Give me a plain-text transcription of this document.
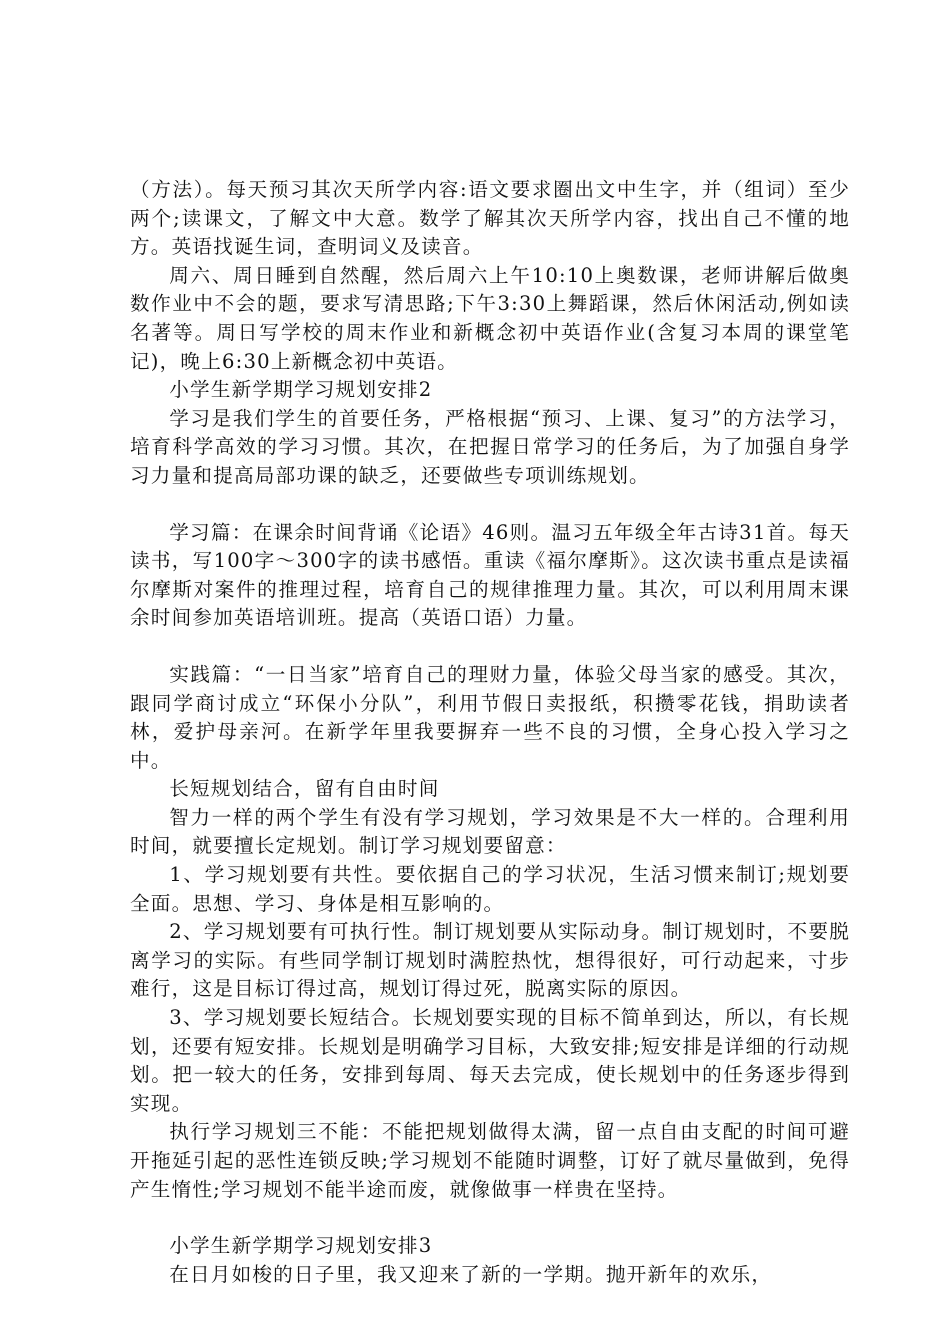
（方法）。每天预习其次天所学内容:语文要求圈出文中生字，并（组词）至少两个;读课文，了解文中大意。数学了解其次天所学内容，找出自己不懂的地方。英语找诞生词，查明词义及读音。

周六、周日睡到自然醒，然后周六上午10:10上奥数课，老师讲解后做奥数作业中不会的题，要求写清思路;下午3:30上舞蹈课，然后休闲活动,例如读名著等。周日写学校的周末作业和新概念初中英语作业(含复习本周的课堂笔记)，晚上6:30上新概念初中英语。

小学生新学期学习规划安排2

学习是我们学生的首要任务，严格根据“预习、上课、复习”的方法学习，培育科学高效的学习习惯。其次，在把握日常学习的任务后，为了加强自身学习力量和提高局部功课的缺乏，还要做些专项训练规划。

学习篇：在课余时间背诵《论语》46则。温习五年级全年古诗31首。每天读书，写100字～300字的读书感悟。重读《福尔摩斯》。这次读书重点是读福尔摩斯对案件的推理过程，培育自己的规律推理力量。其次，可以利用周末课余时间参加英语培训班。提高（英语口语）力量。

实践篇：“一日当家”培育自己的理财力量，体验父母当家的感受。其次，跟同学商讨成立“环保小分队”，利用节假日卖报纸，积攒零花钱，捐助读者林，爱护母亲河。在新学年里我要摒弃一些不良的习惯，全身心投入学习之中。

长短规划结合，留有自由时间

智力一样的两个学生有没有学习规划，学习效果是不大一样的。合理利用时间，就要擅长定规划。制订学习规划要留意：

1、学习规划要有共性。要依据自己的学习状况，生活习惯来制订;规划要全面。思想、学习、身体是相互影响的。

2、学习规划要有可执行性。制订规划要从实际动身。制订规划时，不要脱离学习的实际。有些同学制订规划时满腔热忱，想得很好，可行动起来，寸步难行，这是目标订得过高，规划订得过死，脱离实际的原因。

3、学习规划要长短结合。长规划要实现的目标不简单到达，所以，有长规划，还要有短安排。长规划是明确学习目标，大致安排;短安排是详细的行动规划。把一较大的任务，安排到每周、每天去完成，使长规划中的任务逐步得到实现。

执行学习规划三不能：不能把规划做得太满，留一点自由支配的时间可避开拖延引起的恶性连锁反映;学习规划不能随时调整，订好了就尽量做到，免得产生惰性;学习规划不能半途而废，就像做事一样贵在坚持。

小学生新学期学习规划安排3

在日月如梭的日子里，我又迎来了新的一学期。抛开新年的欢乐，
